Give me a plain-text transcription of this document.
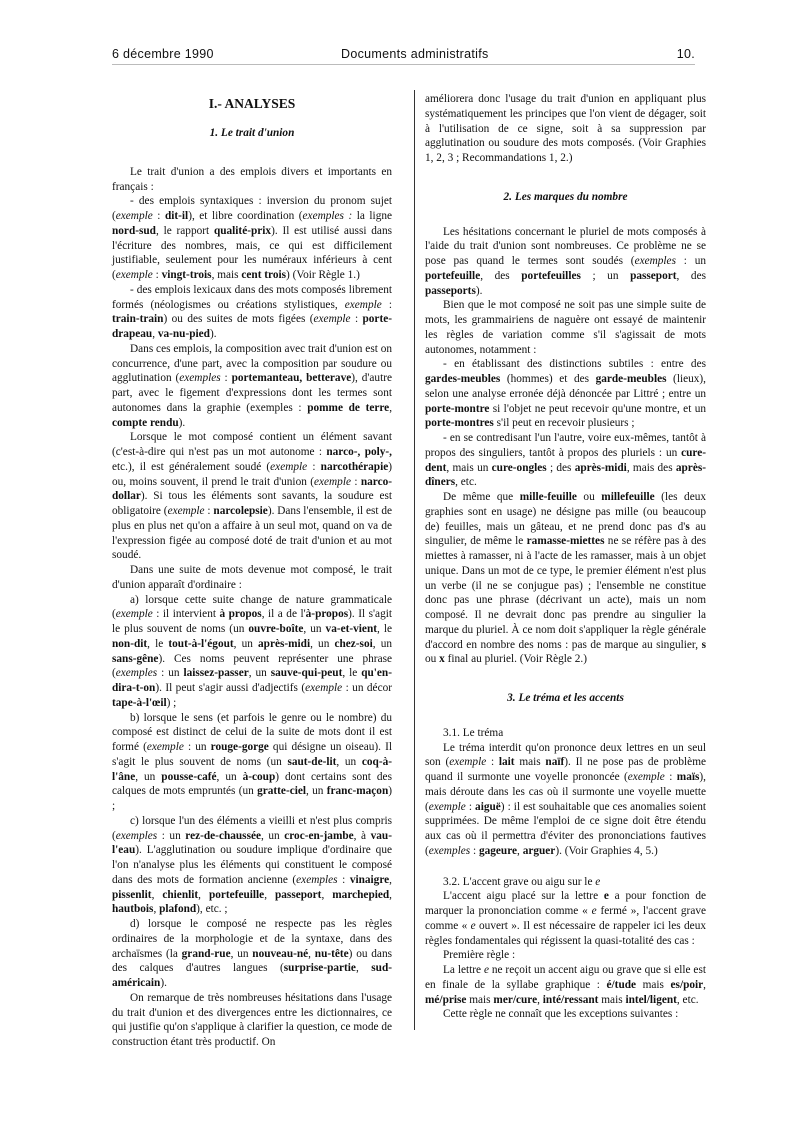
6 décembre 1990	Documents administratifs	10.
I.- ANALYSES
1. Le trait d'union

Le trait d'union a des emplois divers et importants en français :

- des emplois syntaxiques : inversion du pronom sujet (exemple : dit-il), et libre coordination (exemples : la ligne nord-sud, le rapport qualité-prix). Il est utilisé aussi dans l'écriture des nombres, mais, ce qui est difficilement justifiable, seulement pour les numéraux inférieurs à cent (exemple : vingt-trois, mais cent trois) (Voir Règle 1.)

- des emplois lexicaux dans des mots composés librement formés (néologismes ou créations stylistiques, exemple : train-train) ou des suites de mots figées (exemple : porte-drapeau, va-nu-pied).

Dans ces emplois, la composition avec trait d'union est on concurrence, d'une part, avec la composition par soudure ou agglutination (exemples : portemanteau, betterave), d'autre part, avec le figement d'expressions dont les termes sont autonomes dans la graphie (exemples : pomme de terre, compte rendu).

Lorsque le mot composé contient un élément savant (c'est-à-dire qui n'est pas un mot autonome : narco-, poly-, etc.), il est généralement soudé (exemple : narcothérapie) ou, moins souvent, il prend le trait d'union (exemple : narco-dollar). Si tous les éléments sont savants, la soudure est obligatoire (exemple : narcolepsie). Dans l'ensemble, il est de plus en plus net qu'on a affaire à un seul mot, quand on va de l'expression figée au composé doté de trait d'union et au mot soudé.

Dans une suite de mots devenue mot composé, le trait d'union apparaît d'ordinaire :

a) lorsque cette suite change de nature grammaticale (exemple : il intervient à propos, il a de l'à-propos). Il s'agit le plus souvent de noms (un ouvre-boîte, un va-et-vient, le non-dit, le tout-à-l'égout, un après-midi, un chez-soi, un sans-gêne). Ces noms peuvent représenter une phrase (exemples : un laissez-passer, un sauve-qui-peut, le qu'en-dira-t-on). Il peut s'agir aussi d'adjectifs (exemple : un décor tape-à-l'œil) ;

b) lorsque le sens (et parfois le genre ou le nombre) du composé est distinct de celui de la suite de mots dont il est formé (exemple : un rouge-gorge qui désigne un oiseau). Il s'agit le plus souvent de noms (un saut-de-lit, un coq-à-l'âne, un pousse-café, un à-coup) dont certains sont des calques de mots empruntés (un gratte-ciel, un franc-maçon) ;

c) lorsque l'un des éléments a vieilli et n'est plus compris (exemples : un rez-de-chaussée, un croc-en-jambe, à vau-l'eau). L'agglutination ou soudure implique d'ordinaire que l'on n'analyse plus les éléments qui constituent le composé dans des mots de formation ancienne (exemples : vinaigre, pissenlit, chienlit, portefeuille, passeport, marchepied, hautbois, plafond), etc. ;

d) lorsque le composé ne respecte pas les règles ordinaires de la morphologie et de la syntaxe, dans des archaïsmes (la grand-rue, un nouveau-né, nu-tête) ou dans des calques d'autres langues (surprise-partie, sud-américain).

On remarque de très nombreuses hésitations dans l'usage du trait d'union et des divergences entre les dictionnaires, ce qui justifie qu'on s'applique à clarifier la question, ce mode de construction étant très productif. On

améliorera donc l'usage du trait d'union en appliquant plus systématiquement les principes que l'on vient de dégager, soit à l'utilisation de ce signe, soit à sa suppression par agglutination ou soudure des mots composés. (Voir Graphies 1, 2, 3 ; Recommandations 1, 2.)

2. Les marques du nombre

Les hésitations concernant le pluriel de mots composés à l'aide du trait d'union sont nombreuses. Ce problème ne se pose pas quand le termes sont soudés (exemples : un portefeuille, des portefeuilles ; un passeport, des passeports).

Bien que le mot composé ne soit pas une simple suite de mots, les grammairiens de naguère ont essayé de maintenir les règles de variation comme s'il s'agissait de mots autonomes, notamment :

- en établissant des distinctions subtiles : entre des gardes-meubles (hommes) et des garde-meubles (lieux), selon une analyse erronée déjà dénoncée par Littré ; entre un porte-montre si l'objet ne peut recevoir qu'une montre, et un porte-montres s'il peut en recevoir plusieurs ;

- en se contredisant l'un l'autre, voire eux-mêmes, tantôt à propos des singuliers, tantôt à propos des pluriels : un cure-dent, mais un cure-ongles ; des après-midi, mais des après-dîners, etc.

De même que mille-feuille ou millefeuille (les deux graphies sont en usage) ne désigne pas mille (ou beaucoup de) feuilles, mais un gâteau, et ne prend donc pas d's au singulier, de même le ramasse-miettes ne se réfère pas à des miettes à ramasser, ni à l'acte de les ramasser, mais à un objet unique. Dans un mot de ce type, le premier élément n'est plus un verbe (il ne se conjugue pas) ; l'ensemble ne constitue donc pas une phrase (décrivant un acte), mais un nom composé. Il ne devrait donc pas prendre au singulier la marque du pluriel. À ce nom doit s'appliquer la règle générale d'accord en nombre des noms : pas de marque au singulier, s ou x final au pluriel. (Voir Règle 2.)

3. Le tréma et les accents
3.1. Le tréma

Le tréma interdit qu'on prononce deux lettres en un seul son (exemple : lait mais naïf). Il ne pose pas de problème quand il surmonte une voyelle prononcée (exemple : maïs), mais déroute dans les cas où il surmonte une voyelle muette (exemple : aiguë) : il est souhaitable que ces anomalies soient supprimées. De même l'emploi de ce signe doit être étendu aux cas où il permettra d'éviter des prononciations fautives (exemples : gageure, arguer). (Voir Graphies 4, 5.)

3.2. L'accent grave ou aigu sur le e

L'accent aigu placé sur la lettre e a pour fonction de marquer la prononciation comme « e fermé », l'accent grave comme « e ouvert ». Il est nécessaire de rappeler ici les deux règles fondamentales qui régissent la quasi-totalité des cas :

Première règle :

La lettre e ne reçoit un accent aigu ou grave que si elle est en finale de la syllabe graphique : é/tude mais es/poir, mé/prise mais mer/cure, inté/ressant mais intel/ligent, etc.

Cette règle ne connaît que les exceptions suivantes :
